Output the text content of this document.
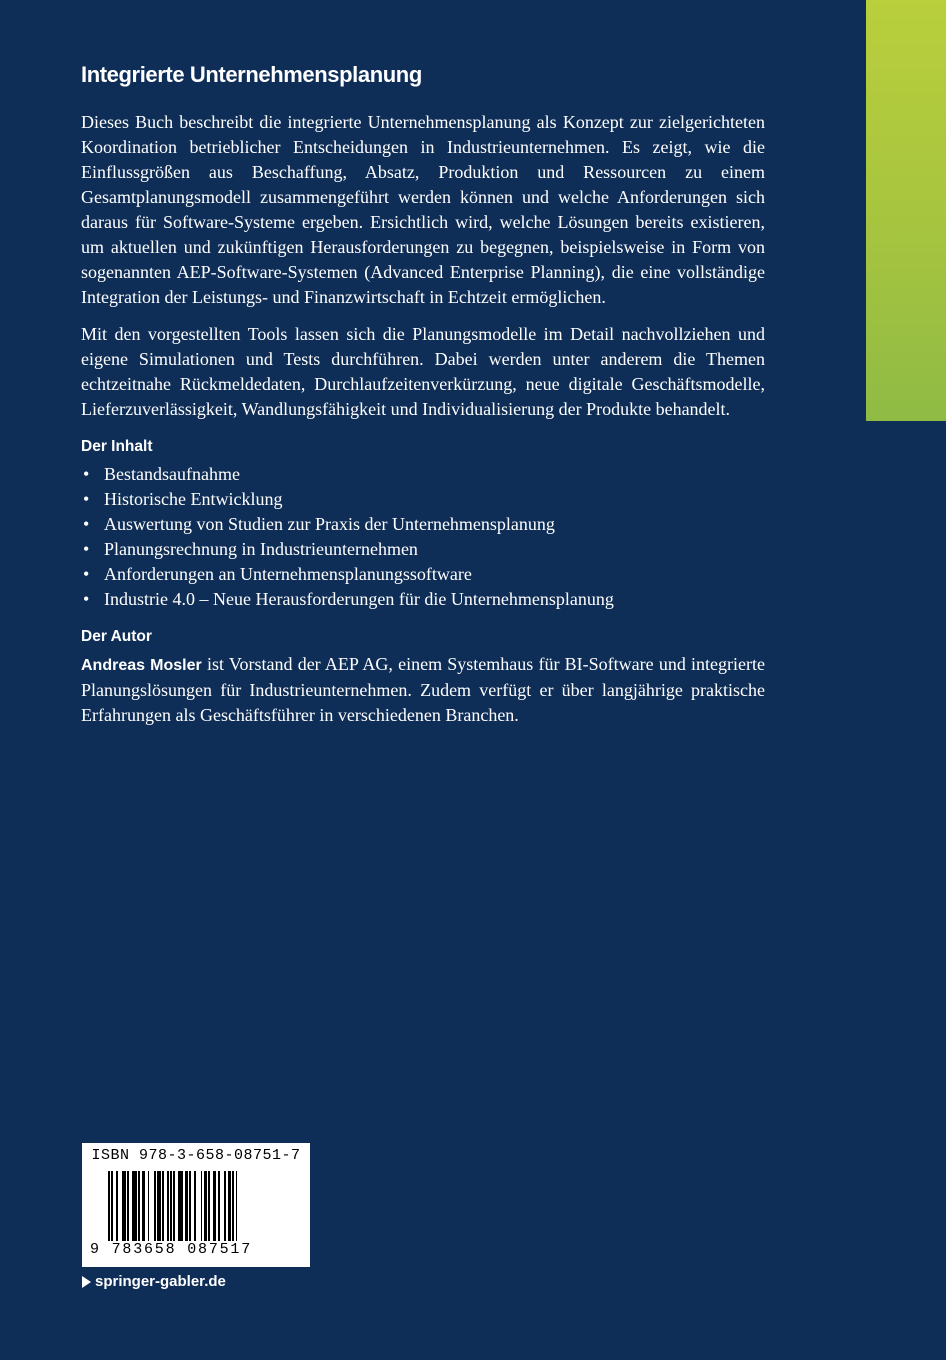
Integrierte Unternehmensplanung

Dieses Buch beschreibt die integrierte Unternehmensplanung als Konzept zur zielgerichteten Koordination betrieblicher Entscheidungen in Industrieunternehmen. Es zeigt, wie die Einflussgrößen aus Beschaffung, Absatz, Produktion und Ressourcen zu einem Gesamtplanungsmodell zusammengeführt werden können und welche Anforderungen sich daraus für Software-Systeme ergeben. Ersichtlich wird, welche Lösungen bereits existieren, um aktuellen und zukünftigen Herausforderungen zu begegnen, beispielsweise in Form von sogenannten AEP-Software-Systemen (Advanced Enterprise Planning), die eine vollständige Integration der Leistungs- und Finanzwirtschaft in Echtzeit ermöglichen.

Mit den vorgestellten Tools lassen sich die Planungsmodelle im Detail nachvollziehen und eigene Simulationen und Tests durchführen. Dabei werden unter anderem die Themen echtzeitnahe Rückmeldedaten, Durchlaufzeitenverkürzung, neue digitale Geschäftsmodelle, Lieferzuverlässigkeit, Wandlungsfähigkeit und Individualisierung der Produkte behandelt.

Der Inhalt
• Bestandsaufnahme
• Historische Entwicklung
• Auswertung von Studien zur Praxis der Unternehmensplanung
• Planungsrechnung in Industrieunternehmen
• Anforderungen an Unternehmensplanungssoftware
• Industrie 4.0 – Neue Herausforderungen für die Unternehmensplanung
Der Autor

Andreas Mosler ist Vorstand der AEP AG, einem Systemhaus für BI-Software und integrierte Planungslösungen für Industrieunternehmen. Zudem verfügt er über langjährige praktische Erfahrungen als Geschäftsführer in verschiedenen Branchen.

ISBN 978-3-658-08751-7
9 783658 087517
springer-gabler.de
